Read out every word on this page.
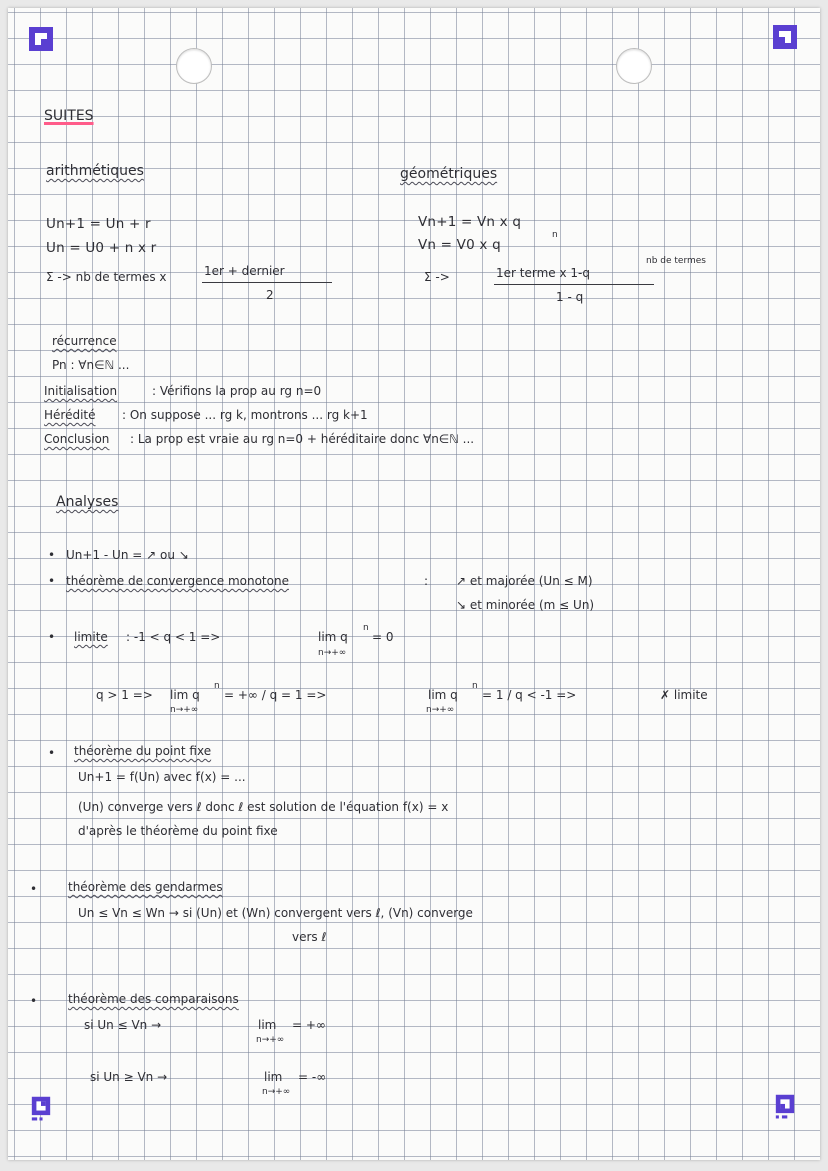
SUITES
arithmétiques
Un+1 = Un + r
Un = U0 + n x r
Σ -> nb de termes x	1er + dernier
2
géométriques
Vn+1 = Vn x q
Vn = V0 x q
n
Σ ->	1er terme x 1-q
nb de termes
1 - q
récurrence
Pn : ∀n∈ℕ ...
Initialisation	: Vérifions la prop au rg n=0
Hérédité : On suppose ... rg k, montrons ... rg k+1
Conclusion : La prop est vraie au rg n=0 + héréditaire donc ∀n∈ℕ ...
Analyses
• Un+1 - Un = ↗ ou ↘
• théorème de convergence monotone	: ↗ et majorée (Un ≤ M)
↘ et minorée (m ≤ Un)
• limite : -1 < q < 1 =>	lim q
n
= 0
n→+∞
q > 1 => lim q
n
n→+∞
= +∞ / q = 1 =>	lim q
n
n→+∞
= 1 / q < -1 =>	✗ limite
• théorème du point fixe
Un+1 = f(Un) avec f(x) = ...
(Un) converge vers ℓ donc ℓ est solution de l'équation f(x) = x
d'après le théorème du point fixe
•	théorème des gendarmes
Un ≤ Vn ≤ Wn → si (Un) et (Wn) convergent vers ℓ, (Vn) converge
vers ℓ
•	théorème des comparaisons
si Un ≤ Vn →	lim = +∞
n→+∞
si Un ≥ Vn →	lim = -∞
n→+∞
